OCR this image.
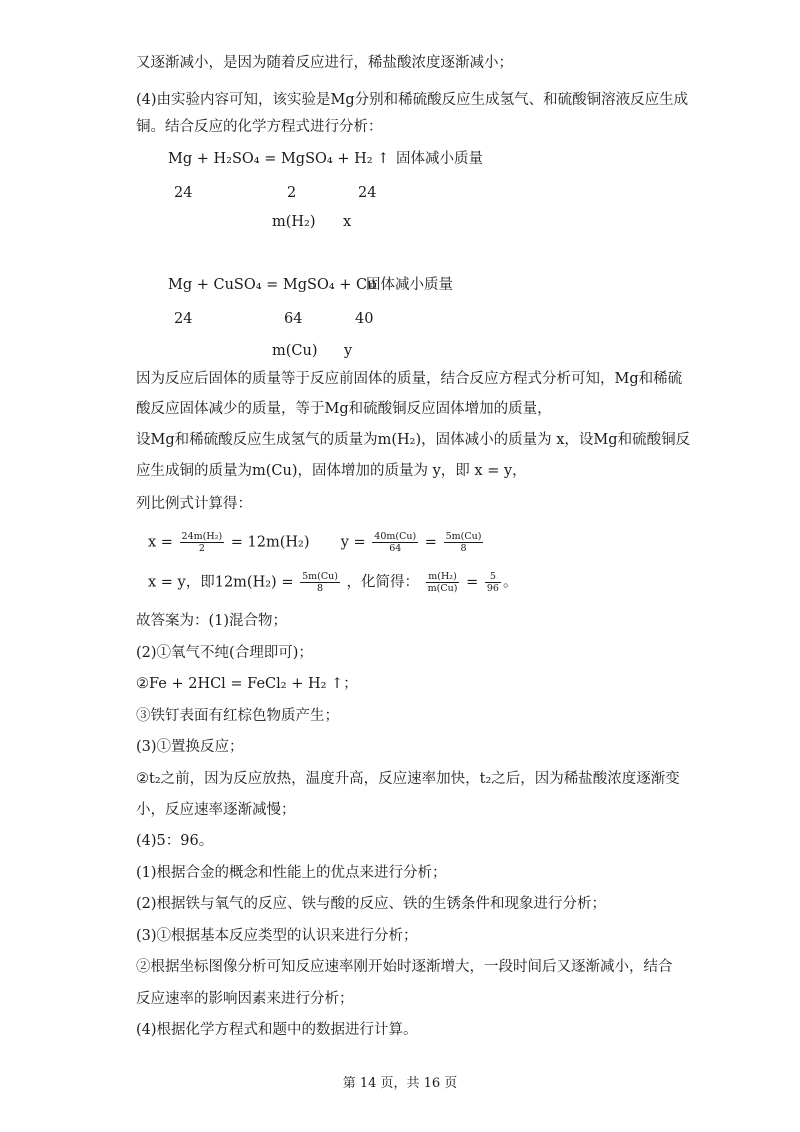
又逐渐减小，是因为随着反应进行，稀盐酸浓度逐渐减小；
(4)由实验内容可知，该实验是Mg分别和稀硫酸反应生成氢气、和硫酸铜溶液反应生成
铜。结合反应的化学方程式进行分析：
Mg + H₂SO₄ = MgSO₄ + H₂ ↑ 固体减小质量
24	2	24
m(H₂) x
Mg + CuSO₄ = MgSO₄ + Cu
固体减小质量
24	64	40
m(Cu) y
因为反应后固体的质量等于反应前固体的质量，结合反应方程式分析可知，Mg和稀硫
酸反应固体减少的质量，等于Mg和硫酸铜反应固体增加的质量，
设Mg和稀硫酸反应生成氢气的质量为m(H₂)，固体减小的质量为 x，设Mg和硫酸铜反
应生成铜的质量为m(Cu)，固体增加的质量为 y，即 x = y，
列比例式计算得：
$x = \frac{\text{24m(H₂)}}{2} = 12m(H_2) y = \frac{40m(Cu)}{64} = \frac{5m(Cu)}{8}$
x = y，即$12m(H_2) = \frac{5m(Cu)}{8}$ ，化简得： $\frac{\text{m(H₂)}}{m(Cu)} = \frac{5}{96}$ 。
故答案为：(1)混合物；
(2)①氧气不纯(合理即可)；
②Fe + 2HCl = FeCl₂ + H₂ ↑；
③铁钉表面有红棕色物质产生；
(3)①置换反应；
②t₂之前，因为反应放热，温度升高，反应速率加快，t₂之后，因为稀盐酸浓度逐渐变
小，反应速率逐渐减慢；
(4)5：96。
(1)根据合金的概念和性能上的优点来进行分析；
(2)根据铁与氧气的反应、铁与酸的反应、铁的生锈条件和现象进行分析；
(3)①根据基本反应类型的认识来进行分析；
②根据坐标图像分析可知反应速率刚开始时逐渐增大，一段时间后又逐渐减小，结合
反应速率的影响因素来进行分析；
(4)根据化学方程式和题中的数据进行计算。
第 14 页，共 16 页
